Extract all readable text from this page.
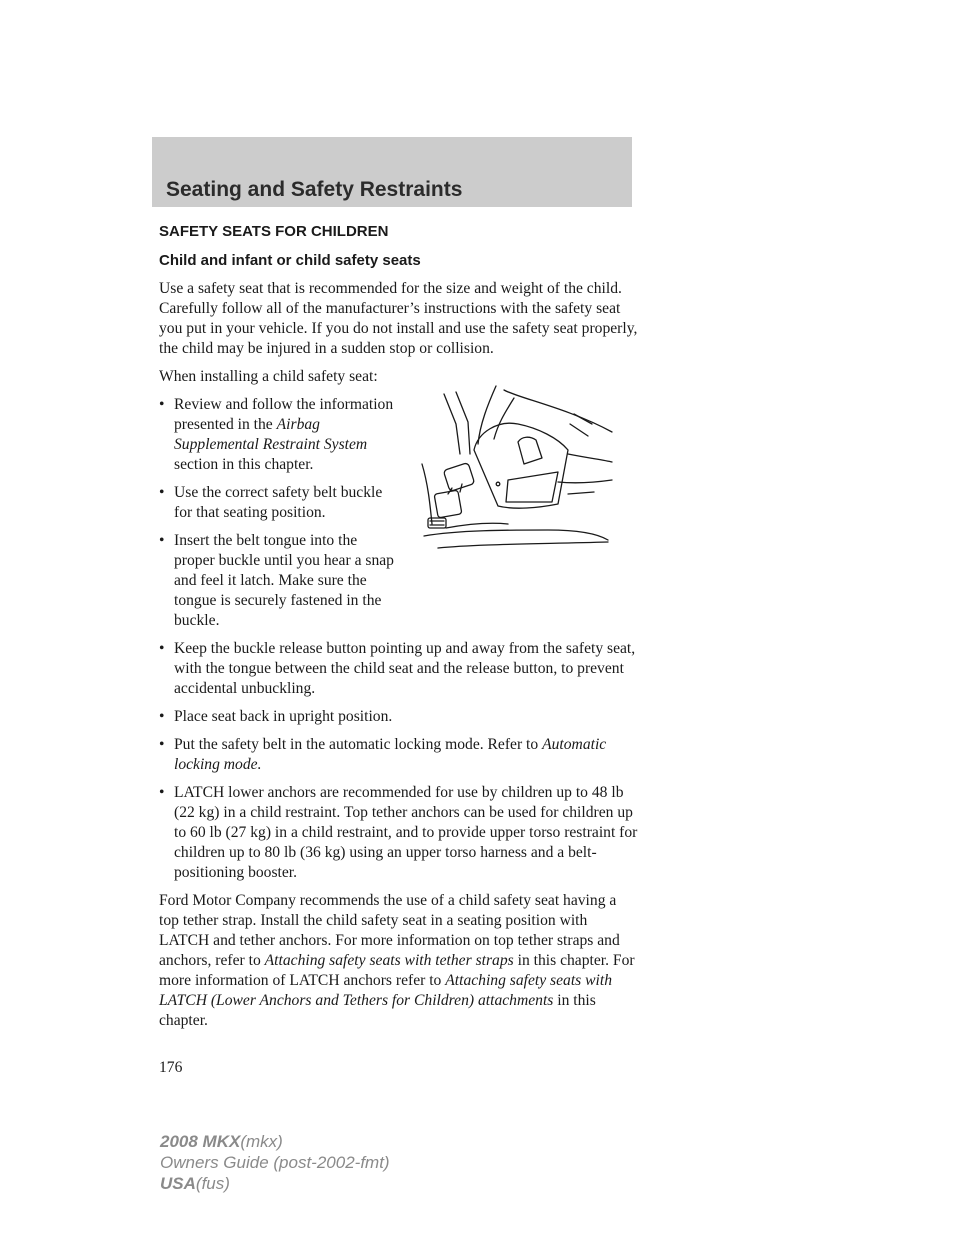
Seating and Safety Restraints
SAFETY SEATS FOR CHILDREN
Child and infant or child safety seats

Use a safety seat that is recommended for the size and weight of the child. Carefully follow all of the manufacturer’s instructions with the safety seat you put in your vehicle. If you do not install and use the safety seat properly, the child may be injured in a sudden stop or collision.

When installing a child safety seat:

• Review and follow the information presented in the Airbag Supplemental Restraint System section in this chapter.
• Use the correct safety belt buckle for that seating position.
• Insert the belt tongue into the proper buckle until you hear a snap and feel it latch. Make sure the tongue is securely fastened in the buckle.
• Keep the buckle release button pointing up and away from the safety seat, with the tongue between the child seat and the release button, to prevent accidental unbuckling.
• Place seat back in upright position.
• Put the safety belt in the automatic locking mode. Refer to Automatic locking mode.
• LATCH lower anchors are recommended for use by children up to 48 lb (22 kg) in a child restraint. Top tether anchors can be used for children up to 60 lb (27 kg) in a child restraint, and to provide upper torso restraint for children up to 80 lb (36 kg) using an upper torso harness and a belt-positioning booster.

Ford Motor Company recommends the use of a child safety seat having a top tether strap. Install the child safety seat in a seating position with LATCH and tether anchors. For more information on top tether straps and anchors, refer to Attaching safety seats with tether straps in this chapter. For more information of LATCH anchors refer to Attaching safety seats with LATCH (Lower Anchors and Tethers for Children) attachments in this chapter.

176
2008 MKX(mkx)
Owners Guide (post-2002-fmt)
USA(fus)
